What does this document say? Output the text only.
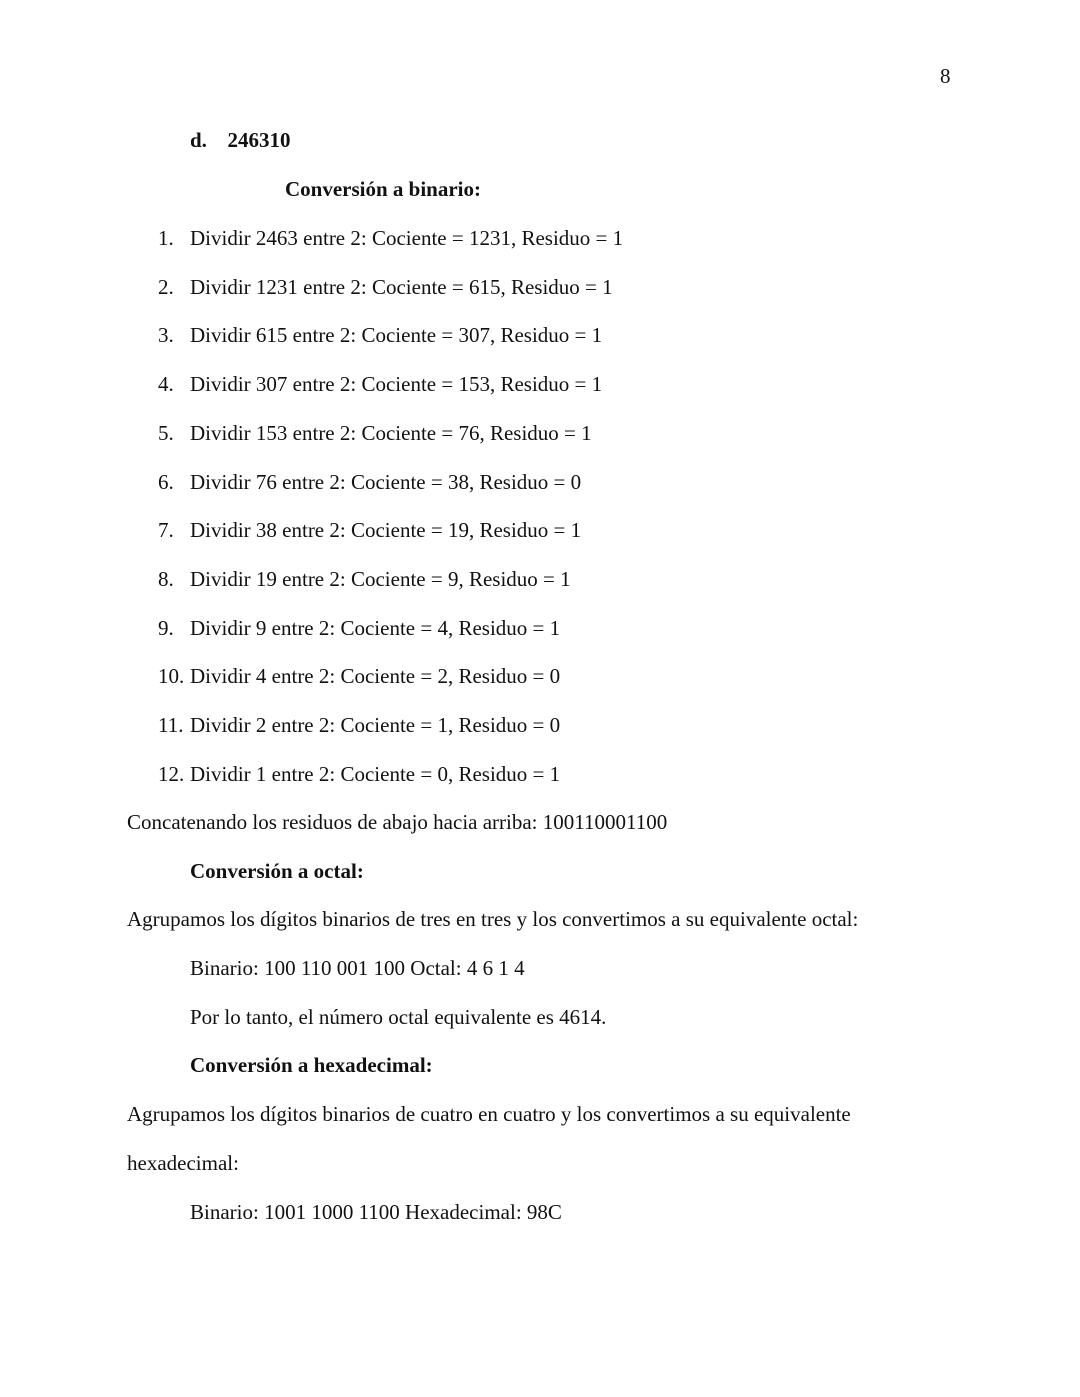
8
d. 246310
Conversión a binario:
1. Dividir 2463 entre 2: Cociente = 1231, Residuo = 1
2. Dividir 1231 entre 2: Cociente = 615, Residuo = 1
3. Dividir 615 entre 2: Cociente = 307, Residuo = 1
4. Dividir 307 entre 2: Cociente = 153, Residuo = 1
5. Dividir 153 entre 2: Cociente = 76, Residuo = 1
6. Dividir 76 entre 2: Cociente = 38, Residuo = 0
7. Dividir 38 entre 2: Cociente = 19, Residuo = 1
8. Dividir 19 entre 2: Cociente = 9, Residuo = 1
9. Dividir 9 entre 2: Cociente = 4, Residuo = 1
10. Dividir 4 entre 2: Cociente = 2, Residuo = 0
11. Dividir 2 entre 2: Cociente = 1, Residuo = 0
12. Dividir 1 entre 2: Cociente = 0, Residuo = 1
Concatenando los residuos de abajo hacia arriba: 100110001100
Conversión a octal:
Agrupamos los dígitos binarios de tres en tres y los convertimos a su equivalente octal:
Binario: 100 110 001 100 Octal: 4 6 1 4
Por lo tanto, el número octal equivalente es 4614.
Conversión a hexadecimal:
Agrupamos los dígitos binarios de cuatro en cuatro y los convertimos a su equivalente
hexadecimal:
Binario: 1001 1000 1100 Hexadecimal: 98C
